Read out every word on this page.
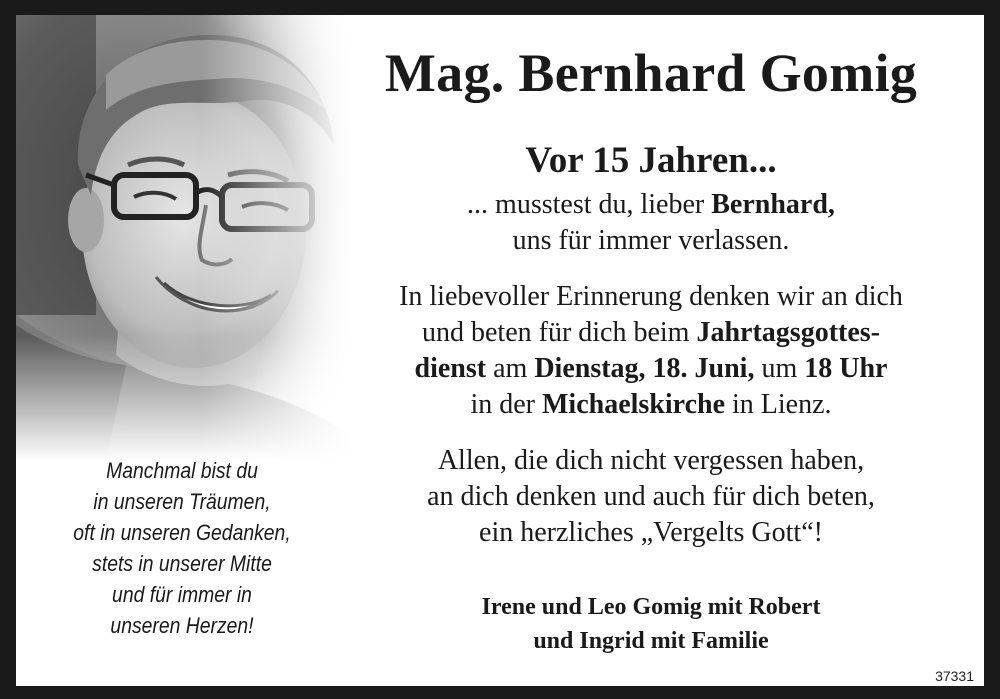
Mag. Bernhard Gomig
Vor 15 Jahren...
... musstest du, lieber Bernhard,
uns für immer verlassen.
In liebevoller Erinnerung denken wir an dich
und beten für dich beim Jahrtagsgottes-
dienst am Dienstag, 18. Juni, um 18 Uhr
in der Michaelskirche in Lienz.
Allen, die dich nicht vergessen haben,
an dich denken und auch für dich beten,
ein herzliches „Vergelts Gott“!
Irene und Leo Gomig mit Robert
und Ingrid mit Familie
Manchmal bist du
in unseren Träumen,
oft in unseren Gedanken,
stets in unserer Mitte
und für immer in
unseren Herzen!
37331
